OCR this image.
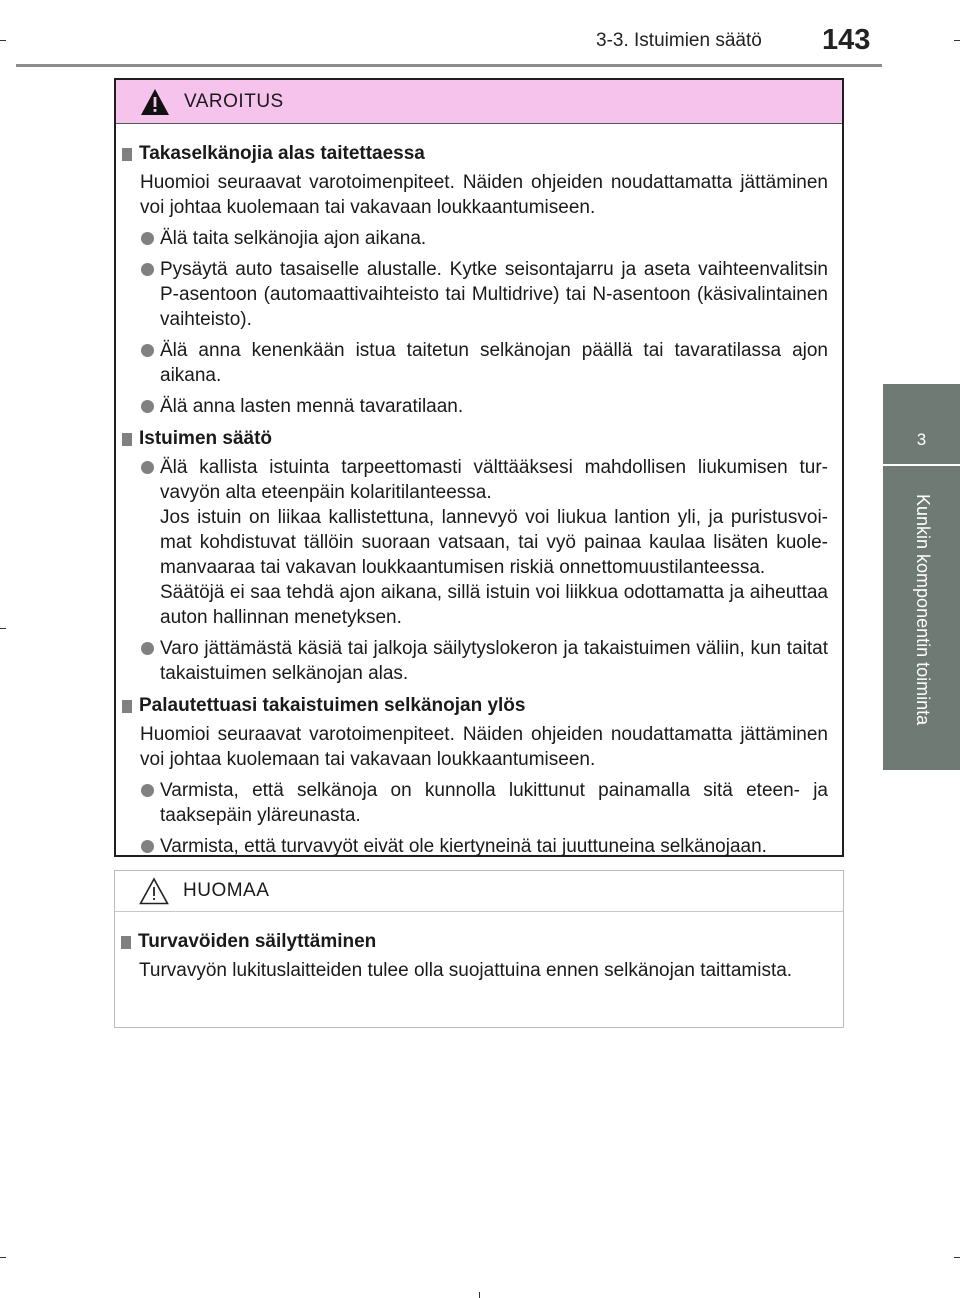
3-3. Istuimien säätö	143
3
Kunkin komponentin toiminta
VAROITUS
Takaselkänojia alas taitettaessa

Huomioi seuraavat varotoimenpiteet. Näiden ohjeiden noudattamatta jättäminen voi johtaa kuolemaan tai vakavaan loukkaantumiseen.

Älä taita selkänojia ajon aikana.
Pysäytä auto tasaiselle alustalle. Kytke seisontajarru ja aseta vaihteenvalitsin P-asentoon (automaattivaihteisto tai Multidrive) tai N-asentoon (käsivalintainen vaihteisto).
Älä anna kenenkään istua taitetun selkänojan päällä tai tavaratilassa ajon aikana.
Älä anna lasten mennä tavaratilaan.
Istuimen säätö
Älä kallista istuinta tarpeettomasti välttääksesi mahdollisen liukumisen turvavyön alta eteenpäin kolaritilanteessa.
Jos istuin on liikaa kallistettuna, lannevyö voi liukua lantion yli, ja puristusvoimat kohdistuvat tällöin suoraan vatsaan, tai vyö painaa kaulaa lisäten kuolemanvaaraa tai vakavan loukkaantumisen riskiä onnettomuustilanteessa.
Säätöjä ei saa tehdä ajon aikana, sillä istuin voi liikkua odottamatta ja aiheuttaa auton hallinnan menetyksen.
Varo jättämästä käsiä tai jalkoja säilytyslokeron ja takaistuimen väliin, kun taitat takaistuimen selkänojan alas.
Palautettuasi takaistuimen selkänojan ylös

Huomioi seuraavat varotoimenpiteet. Näiden ohjeiden noudattamatta jättäminen voi johtaa kuolemaan tai vakavaan loukkaantumiseen.

Varmista, että selkänoja on kunnolla lukittunut painamalla sitä eteen- ja taaksepäin yläreunasta.
Varmista, että turvavyöt eivät ole kiertyneinä tai juuttuneina selkänojaan.
HUOMAA
Turvavöiden säilyttäminen

Turvavyön lukituslaitteiden tulee olla suojattuina ennen selkänojan taittamista.
